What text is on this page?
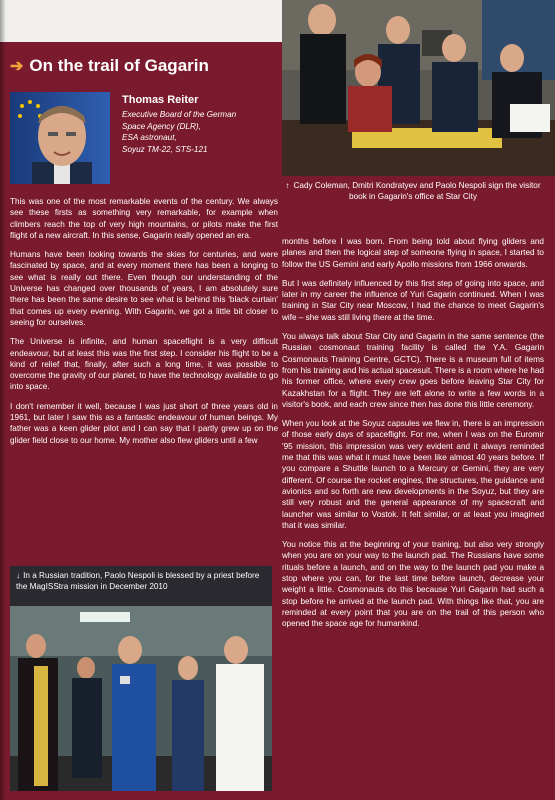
➔ On the trail of Gagarin
Thomas Reiter
Executive Board of the German
Space Agency (DLR),
ESA astronaut,
Soyuz TM-22, STS-121
↑ Cady Coleman, Dmitri Kondratyev and Paolo Nespoli sign the visitor book in Gagarin's office at Star City

This was one of the most remarkable events of the century. We always see these firsts as something very remarkable, for example when climbers reach the top of very high mountains, or pilots make the first flight of a new aircraft. In this sense, Gagarin really opened an era.

Humans have been looking towards the skies for centuries, and were fascinated by space, and at every moment there has been a longing to see what is really out there. Even though our understanding of the Universe has changed over thousands of years, I am absolutely sure there has been the same desire to see what is behind this 'black curtain' that comes up every evening. With Gagarin, we got a little bit closer to seeing for ourselves.

The Universe is infinite, and human spaceflight is a very difficult endeavour, but at least this was the first step. I consider his flight to be a kind of relief that, finally, after such a long time, it was possible to overcome the gravity of our planet, to have the technology available to go into space.

I don't remember it well, because I was just short of three years old in 1961, but later I saw this as a fantastic endeavour of human beings. My father was a keen glider pilot and I can say that I partly grew up on the glider field close to our home. My mother also flew gliders until a few

months before I was born. From being told about flying gliders and planes and then the logical step of someone flying in space, I started to follow the US Gemini and early Apollo missions from 1966 onwards.

But I was definitely influenced by this first step of going into space, and later in my career the influence of Yuri Gagarin continued. When I was training in Star City near Moscow, I had the chance to meet Gagarin's wife – she was still living there at the time.

You always talk about Star City and Gagarin in the same sentence (the Russian cosmonaut training facility is called the Y.A. Gagarin Cosmonauts Training Centre, GCTC). There is a museum full of items from his training and his actual spacesuit. There is a room where he had his former office, where every crew goes before leaving Star City for Kazakhstan for a flight. They are left alone to write a few words in a visitor's book, and each crew since then has done this little ceremony.

When you look at the Soyuz capsules we flew in, there is an impression of those early days of spaceflight. For me, when I was on the Euromir '95 mission, this impression was very evident and it always reminded me that this was what it must have been like almost 40 years before. If you compare a Shuttle launch to a Mercury or Gemini, they are very different. Of course the rocket engines, the structures, the guidance and avionics and so forth are new developments in the Soyuz, but they are still very robust and the general appearance of my spacecraft and launcher was similar to Vostok. It felt similar, or at least you imagined that it was similar.

You notice this at the beginning of your training, but also very strongly when you are on your way to the launch pad. The Russians have some rituals before a launch, and on the way to the launch pad you make a stop where you can, for the last time before launch, decrease your weight a little. Cosmonauts do this because Yuri Gagarin had such a stop before he arrived at the launch pad. With things like that, you are reminded at every point that you are on the trail of this person who opened the space age for humankind.

↓ In a Russian tradition, Paolo Nespoli is blessed by a priest before the MagISStra mission in December 2010
